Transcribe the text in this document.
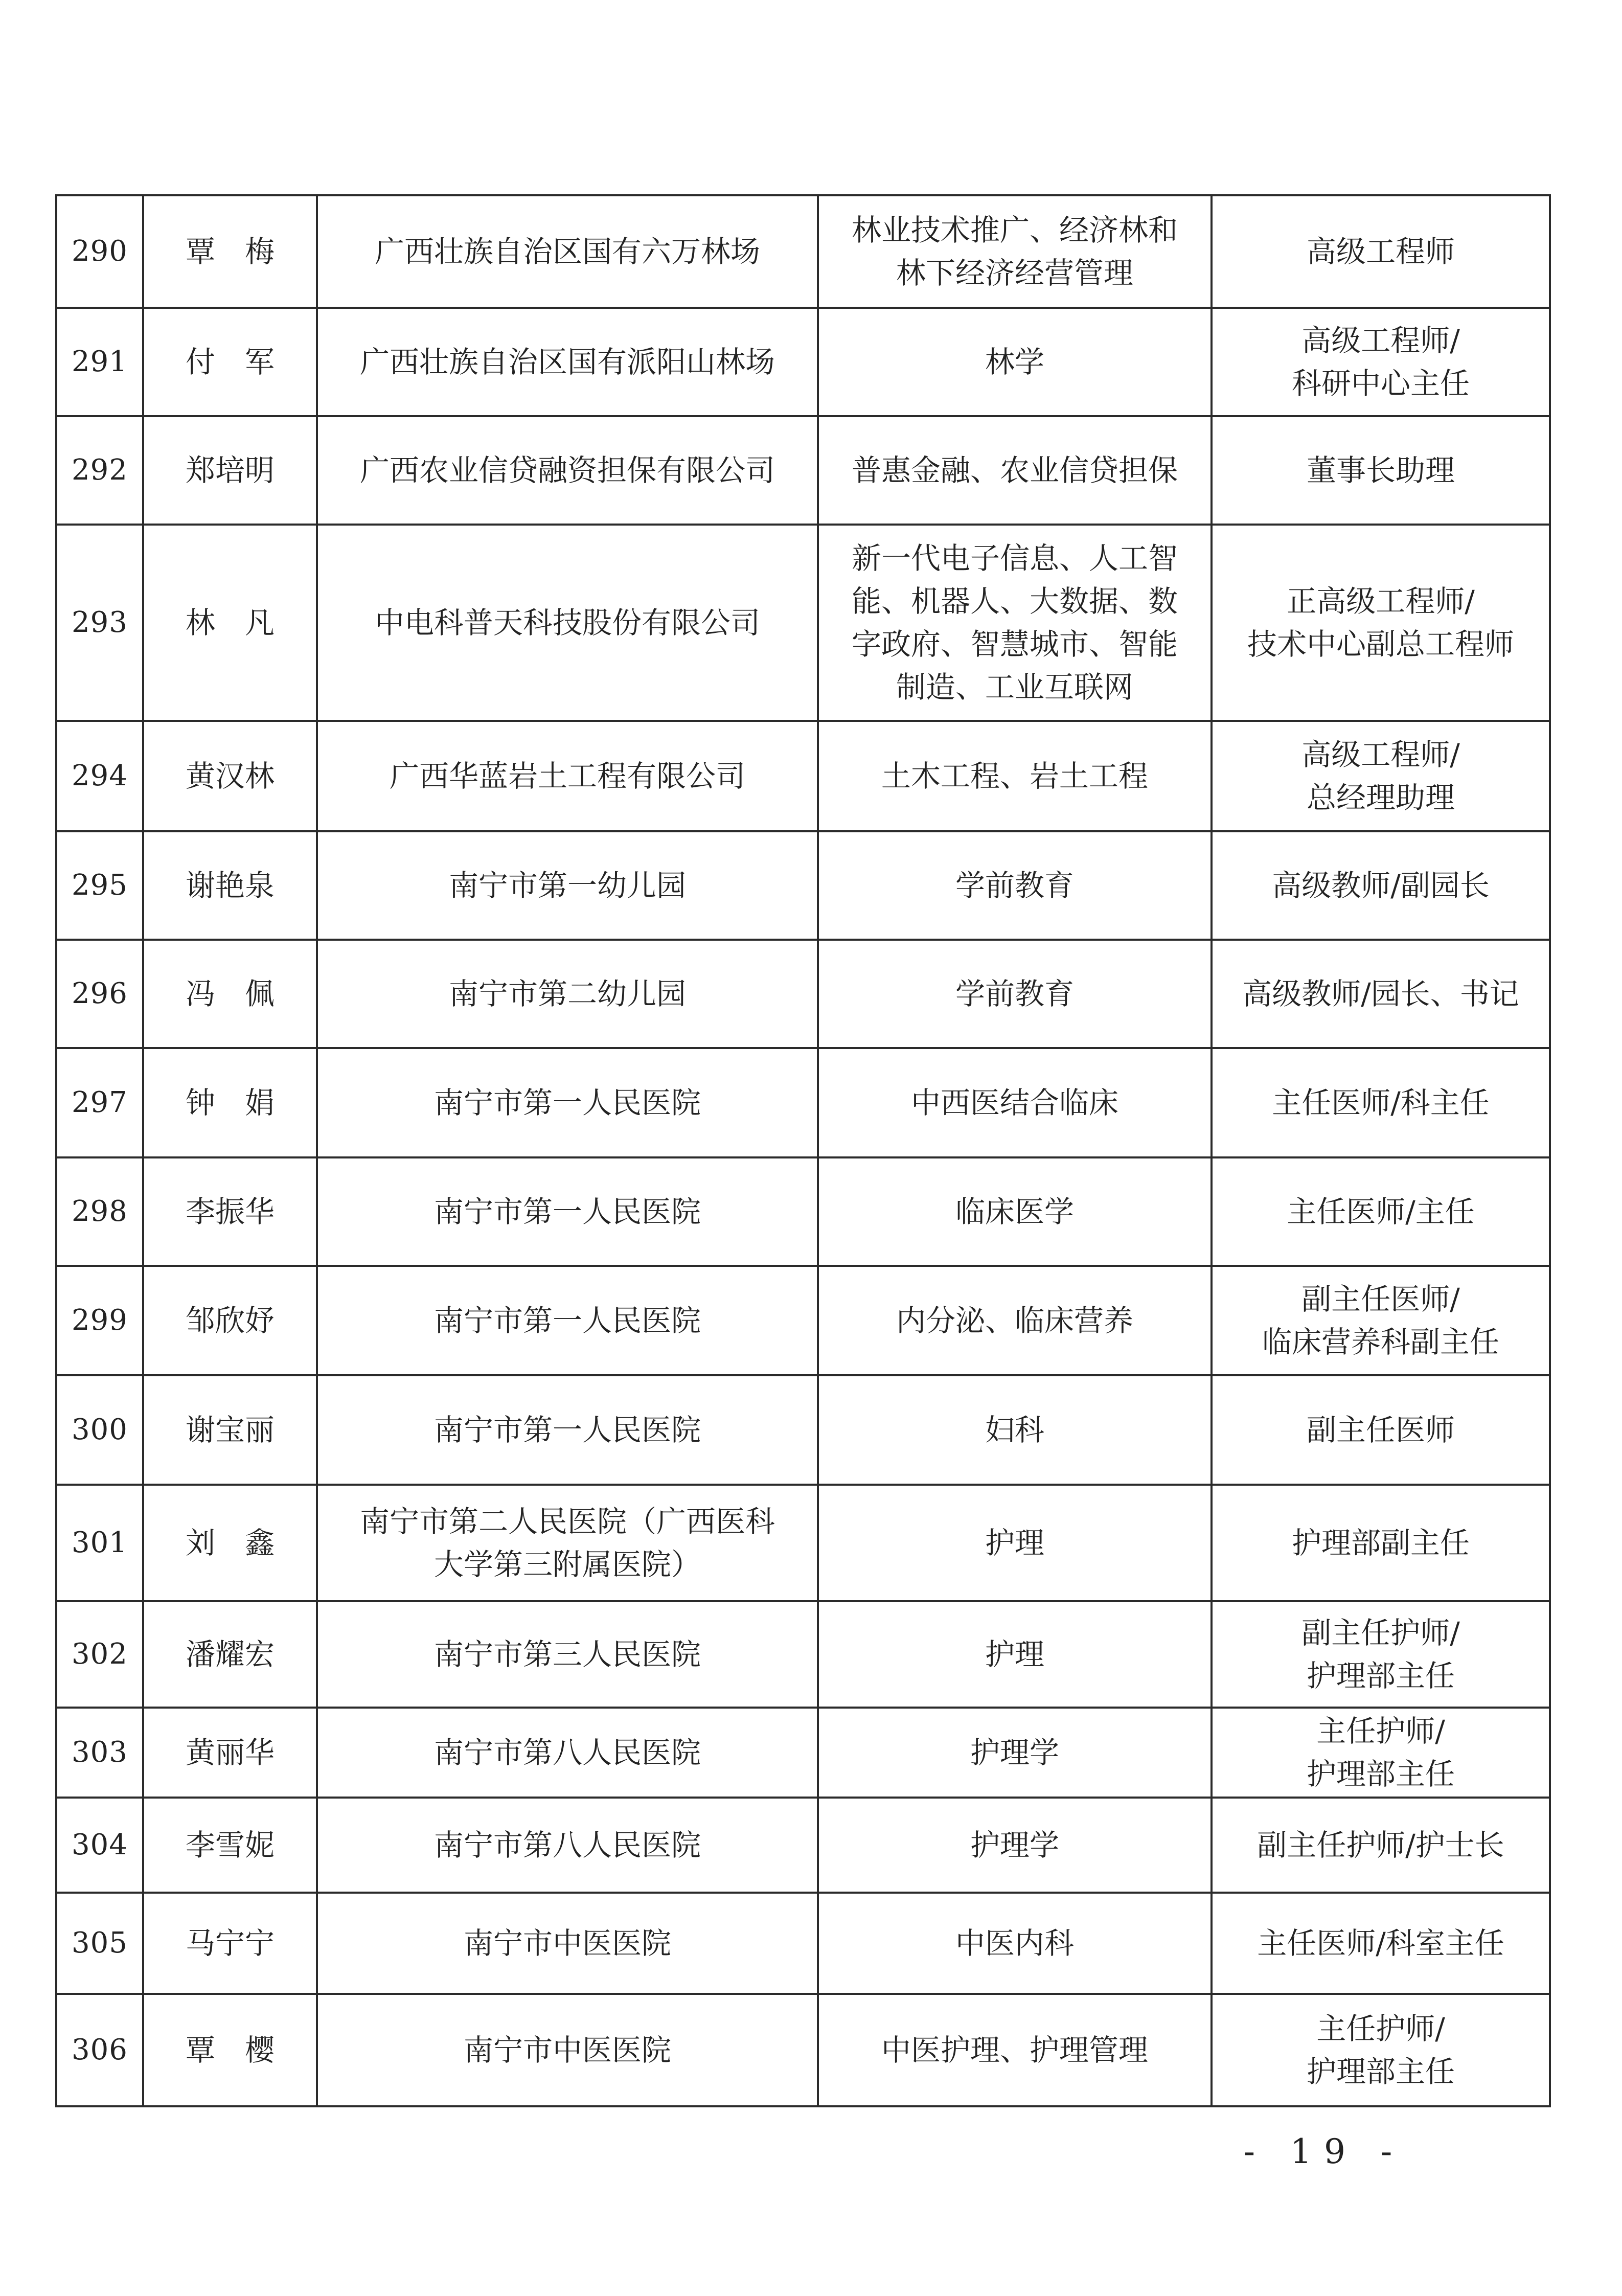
290	覃　梅	广西壮族自治区国有六万林场	林业技术推广、经济林和
林下经济经营管理	高级工程师
291	付　军	广西壮族自治区国有派阳山林场	林学	高级工程师/
科研中心主任
292	郑培明	广西农业信贷融资担保有限公司	普惠金融、农业信贷担保	董事长助理
293	林　凡	中电科普天科技股份有限公司	新一代电子信息、人工智
能、机器人、大数据、数
字政府、智慧城市、智能
制造、工业互联网	正高级工程师/
技术中心副总工程师
294	黄汉林	广西华蓝岩土工程有限公司	土木工程、岩土工程	高级工程师/
总经理助理
295	谢艳泉	南宁市第一幼儿园	学前教育	高级教师/副园长
296	冯　佩	南宁市第二幼儿园	学前教育	高级教师/园长、书记
297	钟　娟	南宁市第一人民医院	中西医结合临床	主任医师/科主任
298	李振华	南宁市第一人民医院	临床医学	主任医师/主任
299	邹欣妤	南宁市第一人民医院	内分泌、临床营养	副主任医师/
临床营养科副主任
300	谢宝丽	南宁市第一人民医院	妇科	副主任医师
301	刘　鑫	南宁市第二人民医院（广西医科
大学第三附属医院）	护理	护理部副主任
302	潘耀宏	南宁市第三人民医院	护理	副主任护师/
护理部主任
303	黄丽华	南宁市第八人民医院	护理学	主任护师/
护理部主任
304	李雪妮	南宁市第八人民医院	护理学	副主任护师/护士长
305	马宁宁	南宁市中医医院	中医内科	主任医师/科室主任
306	覃　樱	南宁市中医医院	中医护理、护理管理	主任护师/
护理部主任
- 19 -
